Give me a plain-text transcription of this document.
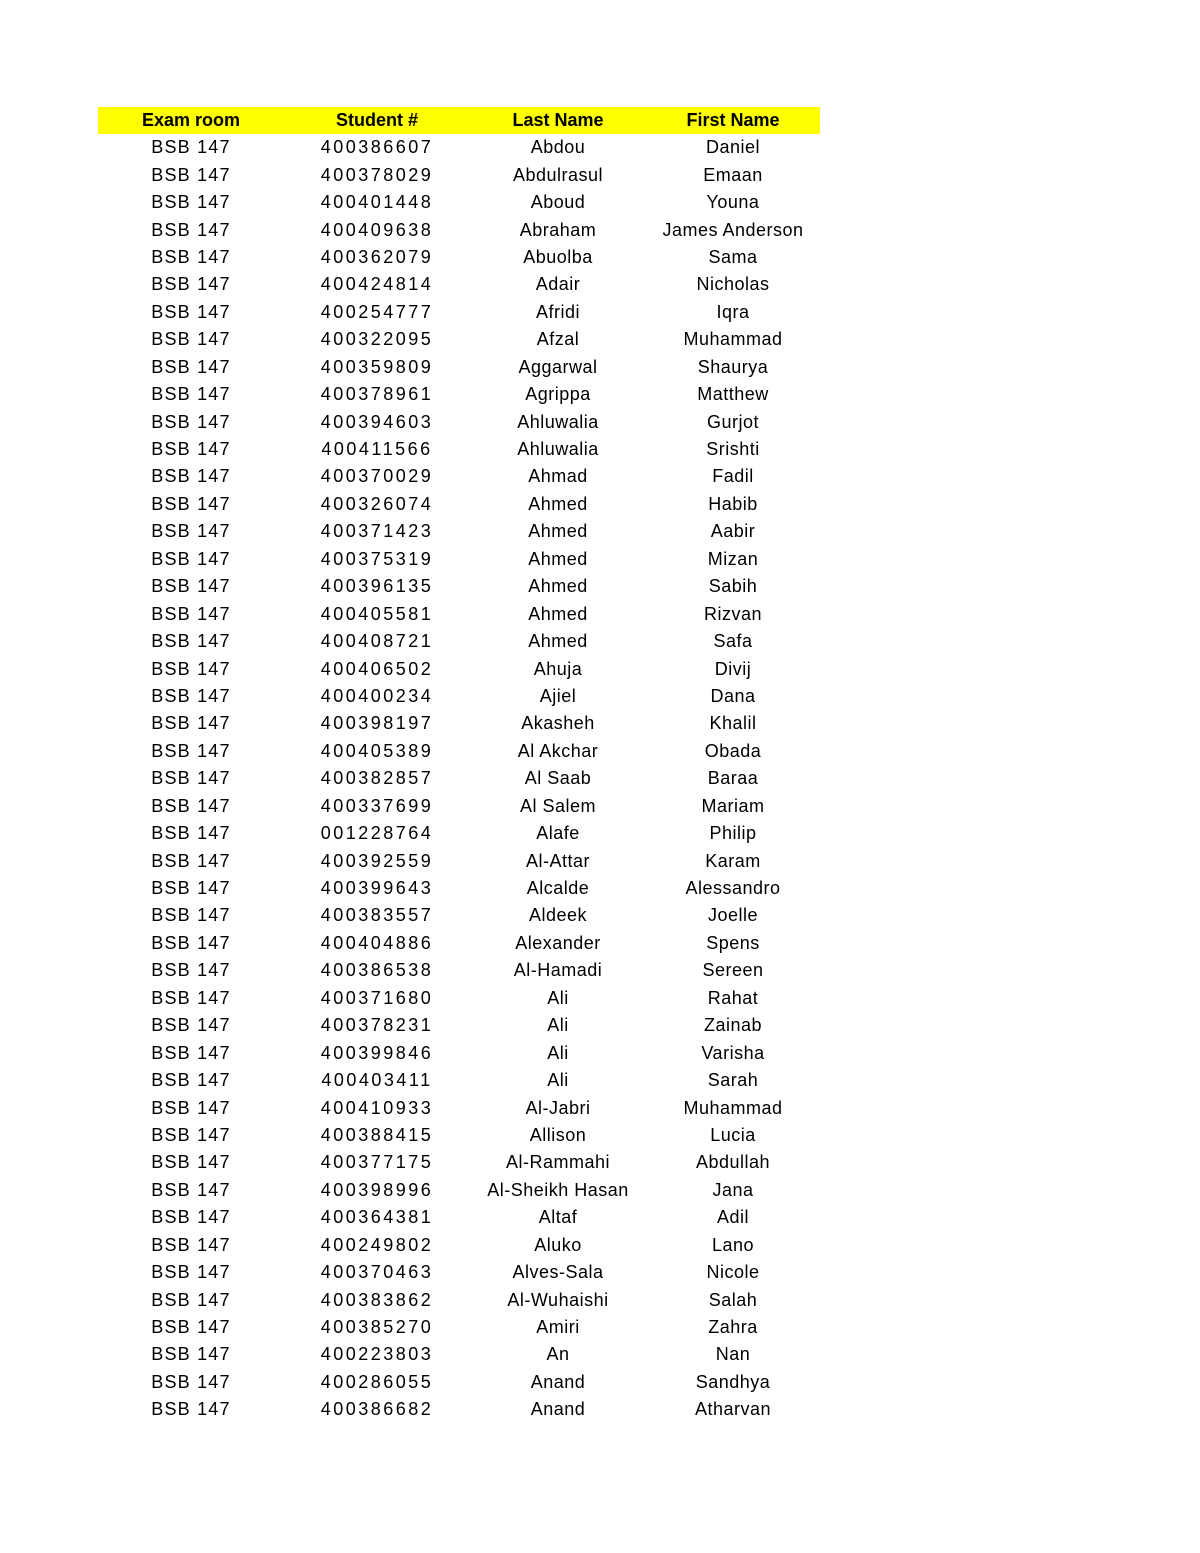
Exam room	Student #	Last Name	First Name
BSB 147	400386607	Abdou	Daniel
BSB 147	400378029	Abdulrasul	Emaan
BSB 147	400401448	Aboud	Youna
BSB 147	400409638	Abraham	James Anderson
BSB 147	400362079	Abuolba	Sama
BSB 147	400424814	Adair	Nicholas
BSB 147	400254777	Afridi	Iqra
BSB 147	400322095	Afzal	Muhammad
BSB 147	400359809	Aggarwal	Shaurya
BSB 147	400378961	Agrippa	Matthew
BSB 147	400394603	Ahluwalia	Gurjot
BSB 147	400411566	Ahluwalia	Srishti
BSB 147	400370029	Ahmad	Fadil
BSB 147	400326074	Ahmed	Habib
BSB 147	400371423	Ahmed	Aabir
BSB 147	400375319	Ahmed	Mizan
BSB 147	400396135	Ahmed	Sabih
BSB 147	400405581	Ahmed	Rizvan
BSB 147	400408721	Ahmed	Safa
BSB 147	400406502	Ahuja	Divij
BSB 147	400400234	Ajiel	Dana
BSB 147	400398197	Akasheh	Khalil
BSB 147	400405389	Al Akchar	Obada
BSB 147	400382857	Al Saab	Baraa
BSB 147	400337699	Al Salem	Mariam
BSB 147	001228764	Alafe	Philip
BSB 147	400392559	Al-Attar	Karam
BSB 147	400399643	Alcalde	Alessandro
BSB 147	400383557	Aldeek	Joelle
BSB 147	400404886	Alexander	Spens
BSB 147	400386538	Al-Hamadi	Sereen
BSB 147	400371680	Ali	Rahat
BSB 147	400378231	Ali	Zainab
BSB 147	400399846	Ali	Varisha
BSB 147	400403411	Ali	Sarah
BSB 147	400410933	Al-Jabri	Muhammad
BSB 147	400388415	Allison	Lucia
BSB 147	400377175	Al-Rammahi	Abdullah
BSB 147	400398996	Al-Sheikh Hasan	Jana
BSB 147	400364381	Altaf	Adil
BSB 147	400249802	Aluko	Lano
BSB 147	400370463	Alves-Sala	Nicole
BSB 147	400383862	Al-Wuhaishi	Salah
BSB 147	400385270	Amiri	Zahra
BSB 147	400223803	An	Nan
BSB 147	400286055	Anand	Sandhya
BSB 147	400386682	Anand	Atharvan
